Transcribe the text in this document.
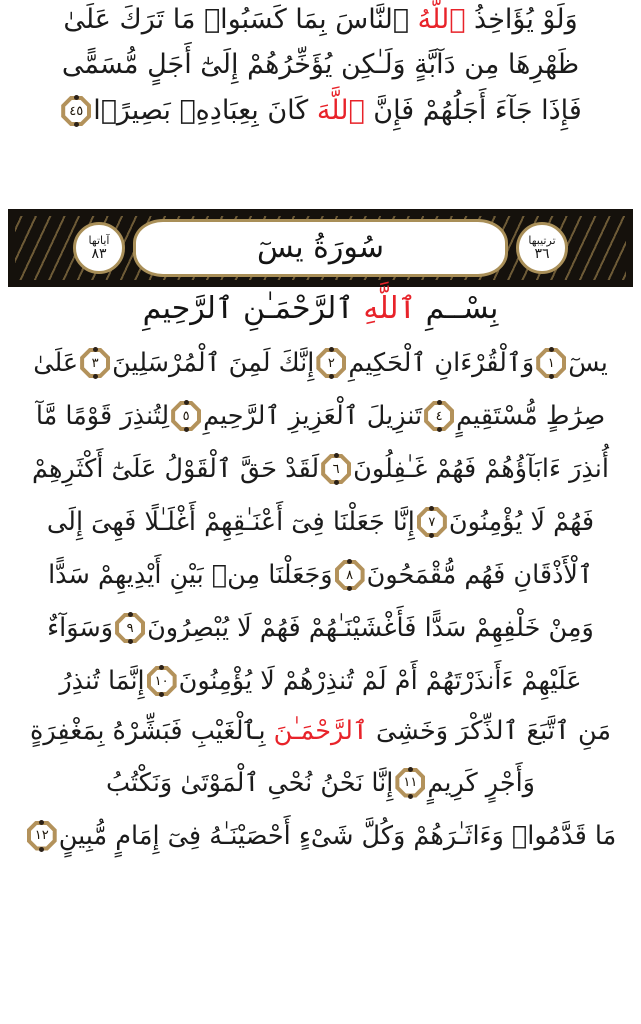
وَلَوْ يُؤَاخِذُ ٱللَّهُ ٱلنَّاسَ بِمَا كَسَبُوا۟ مَا تَرَكَ عَلَىٰ
ظَهْرِهَا مِن دَآبَّةٍ وَلَـٰكِن يُؤَخِّرُهُمْ إِلَىٰٓ أَجَلٍ مُّسَمًّى
فَإِذَا جَآءَ أَجَلُهُمْ فَإِنَّ ٱللَّهَ كَانَ بِعِبَادِهِۦ بَصِيرًۢا
٤٥
آياتها
٨٣	سُورَةُ يسٓ	ترتيبها
٣٦
بِسْــمِ ٱللَّهِ ٱلرَّحْمَـٰنِ ٱلرَّحِيمِ
يسٓ
١
وَٱلْقُرْءَانِ ٱلْحَكِيمِ
٢
إِنَّكَ لَمِنَ ٱلْمُرْسَلِينَ
٣
عَلَىٰ
صِرَٰطٍ مُّسْتَقِيمٍ
٤
تَنزِيلَ ٱلْعَزِيزِ ٱلرَّحِيمِ
٥
لِتُنذِرَ قَوْمًا مَّآ
أُنذِرَ ءَابَآؤُهُمْ فَهُمْ غَـٰفِلُونَ
٦
لَقَدْ حَقَّ ٱلْقَوْلُ عَلَىٰٓ أَكْثَرِهِمْ
فَهُمْ لَا يُؤْمِنُونَ
٧
إِنَّا جَعَلْنَا فِىٓ أَعْنَـٰقِهِمْ أَغْلَـٰلًا فَهِىَ إِلَى
ٱلْأَذْقَانِ فَهُم مُّقْمَحُونَ
٨
وَجَعَلْنَا مِنۢ بَيْنِ أَيْدِيهِمْ سَدًّا
وَمِنْ خَلْفِهِمْ سَدًّا فَأَغْشَيْنَـٰهُمْ فَهُمْ لَا يُبْصِرُونَ
٩
وَسَوَآءٌ
عَلَيْهِمْ ءَأَنذَرْتَهُمْ أَمْ لَمْ تُنذِرْهُمْ لَا يُؤْمِنُونَ
١٠
إِنَّمَا تُنذِرُ
مَنِ ٱتَّبَعَ ٱلذِّكْرَ وَخَشِىَ ٱلرَّحْمَـٰنَ بِٱلْغَيْبِ فَبَشِّرْهُ بِمَغْفِرَةٍ
وَأَجْرٍ كَرِيمٍ
١١
إِنَّا نَحْنُ نُحْىِ ٱلْمَوْتَىٰ وَنَكْتُبُ
مَا قَدَّمُوا۟ وَءَاثَـٰرَهُمْ وَكُلَّ شَىْءٍ أَحْصَيْنَـٰهُ فِىٓ إِمَامٍ مُّبِينٍ
١٢
